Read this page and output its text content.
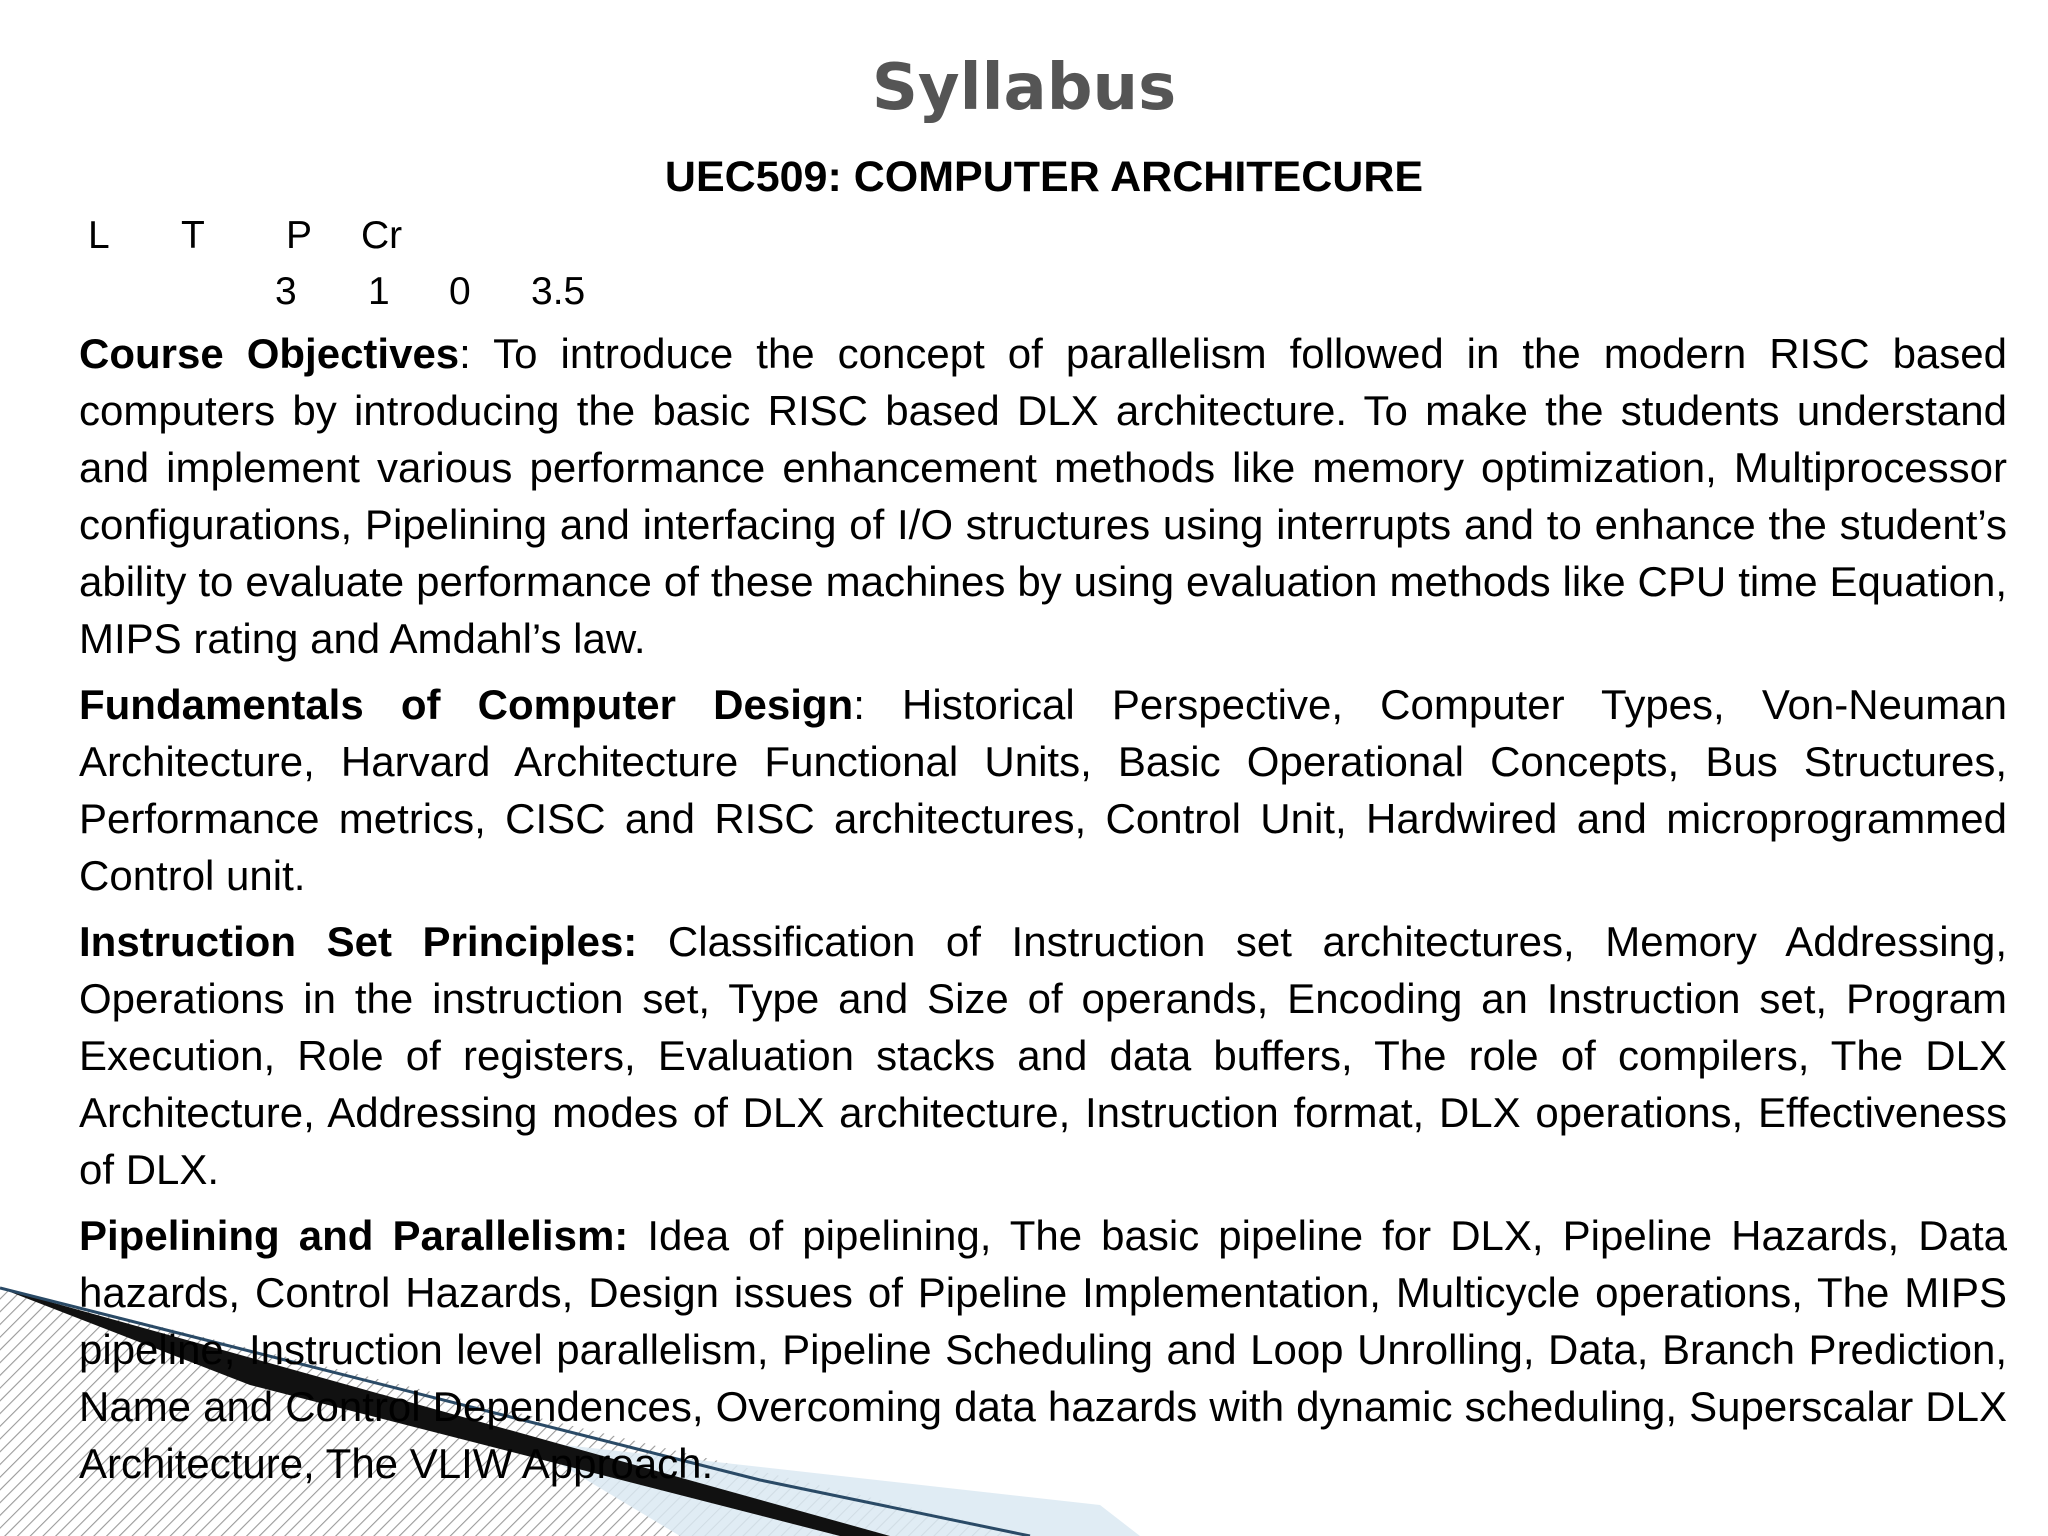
Syllabus
UEC509: COMPUTER ARCHITECURE
L T P Cr
3 1 0 3.5

Course Objectives: To introduce the concept of parallelism followed in the modern RISC based computers by introducing the basic RISC based DLX architecture. To make the students understand and implement various performance enhancement methods like memory optimization, Multiprocessor configurations, Pipelining and interfacing of I/O structures using interrupts and to enhance the student’s ability to evaluate performance of these machines by using evaluation methods like CPU time Equation, MIPS rating and Amdahl’s law.

Fundamentals of Computer Design: Historical Perspective, Computer Types, Von-Neuman Architecture, Harvard Architecture Functional Units, Basic Operational Concepts, Bus Structures, Performance metrics, CISC and RISC architectures, Control Unit, Hardwired and microprogrammed Control unit.

Instruction Set Principles: Classification of Instruction set architectures, Memory Addressing, Operations in the instruction set, Type and Size of operands, Encoding an Instruction set, Program Execution, Role of registers, Evaluation stacks and data buffers, The role of compilers, The DLX Architecture, Addressing modes of DLX architecture, Instruction format, DLX operations, Effectiveness of DLX.

Pipelining and Parallelism: Idea of pipelining, The basic pipeline for DLX, Pipeline Hazards, Data hazards, Control Hazards, Design issues of Pipeline Implementation, Multicycle operations, The MIPS pipeline, Instruction level parallelism, Pipeline Scheduling and Loop Unrolling, Data, Branch Prediction, Name and Control Dependences, Overcoming data hazards with dynamic scheduling, Superscalar DLX Architecture, The VLIW Approach.
